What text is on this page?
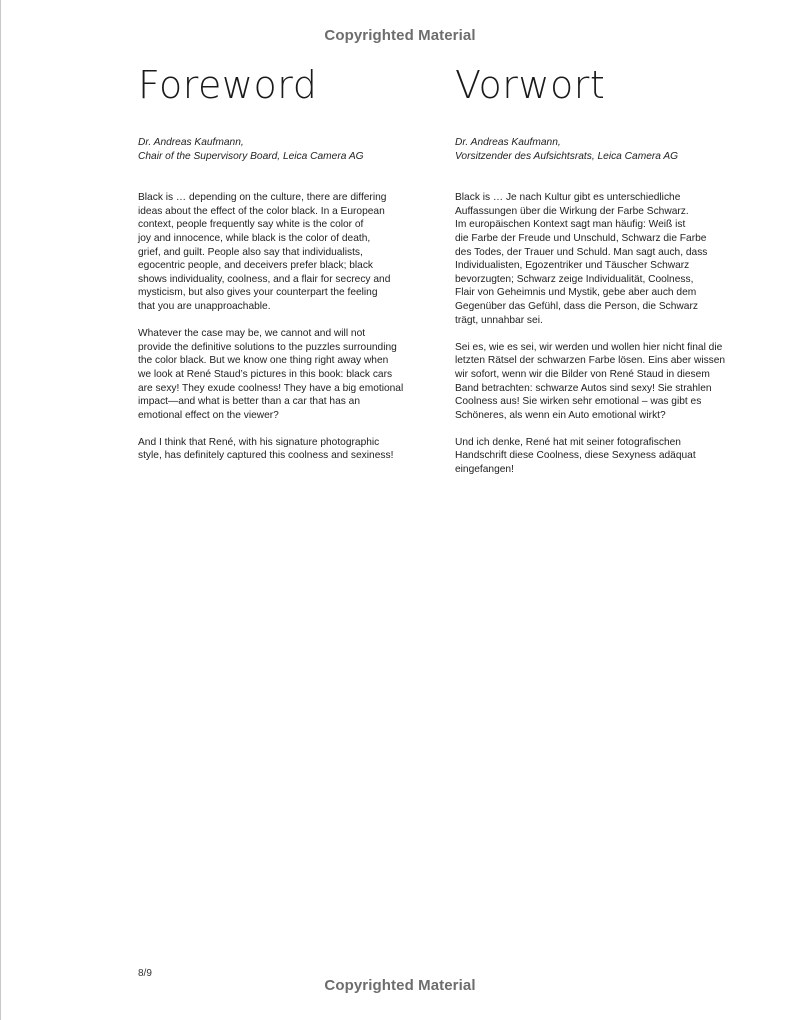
Copyrighted Material
Foreword
Dr. Andreas Kaufmann,
Chair of the Supervisory Board, Leica Camera AG

Black is … depending on the culture, there are differing
ideas about the effect of the color black. In a European
context, people frequently say white is the color of
joy and innocence, while black is the color of death,
grief, and guilt. People also say that individualists,
egocentric people, and deceivers prefer black; black
shows individuality, coolness, and a flair for secrecy and
mysticism, but also gives your counterpart the feeling
that you are unapproachable.

Whatever the case may be, we cannot and will not
provide the definitive solutions to the puzzles surrounding
the color black. But we know one thing right away when
we look at René Staud’s pictures in this book: black cars
are sexy! They exude coolness! They have a big emotional
impact—and what is better than a car that has an
emotional effect on the viewer?

And I think that René, with his signature photographic
style, has definitely captured this coolness and sexiness!

Vorwort
Dr. Andreas Kaufmann,
Vorsitzender des Aufsichtsrats, Leica Camera AG

Black is … Je nach Kultur gibt es unterschiedliche
Auffassungen über die Wirkung der Farbe Schwarz.
Im europäischen Kontext sagt man häufig: Weiß ist
die Farbe der Freude und Unschuld, Schwarz die Farbe
des Todes, der Trauer und Schuld. Man sagt auch, dass
Individualisten, Egozentriker und Täuscher Schwarz
bevorzugten; Schwarz zeige Individualität, Coolness,
Flair von Geheimnis und Mystik, gebe aber auch dem
Gegenüber das Gefühl, dass die Person, die Schwarz
trägt, unnahbar sei.

Sei es, wie es sei, wir werden und wollen hier nicht final die
letzten Rätsel der schwarzen Farbe lösen. Eins aber wissen
wir sofort, wenn wir die Bilder von René Staud in diesem
Band betrachten: schwarze Autos sind sexy! Sie strahlen
Coolness aus! Sie wirken sehr emotional – was gibt es
Schöneres, als wenn ein Auto emotional wirkt?

Und ich denke, René hat mit seiner fotografischen
Handschrift diese Coolness, diese Sexyness adäquat
eingefangen!

8/9
Copyrighted Material
